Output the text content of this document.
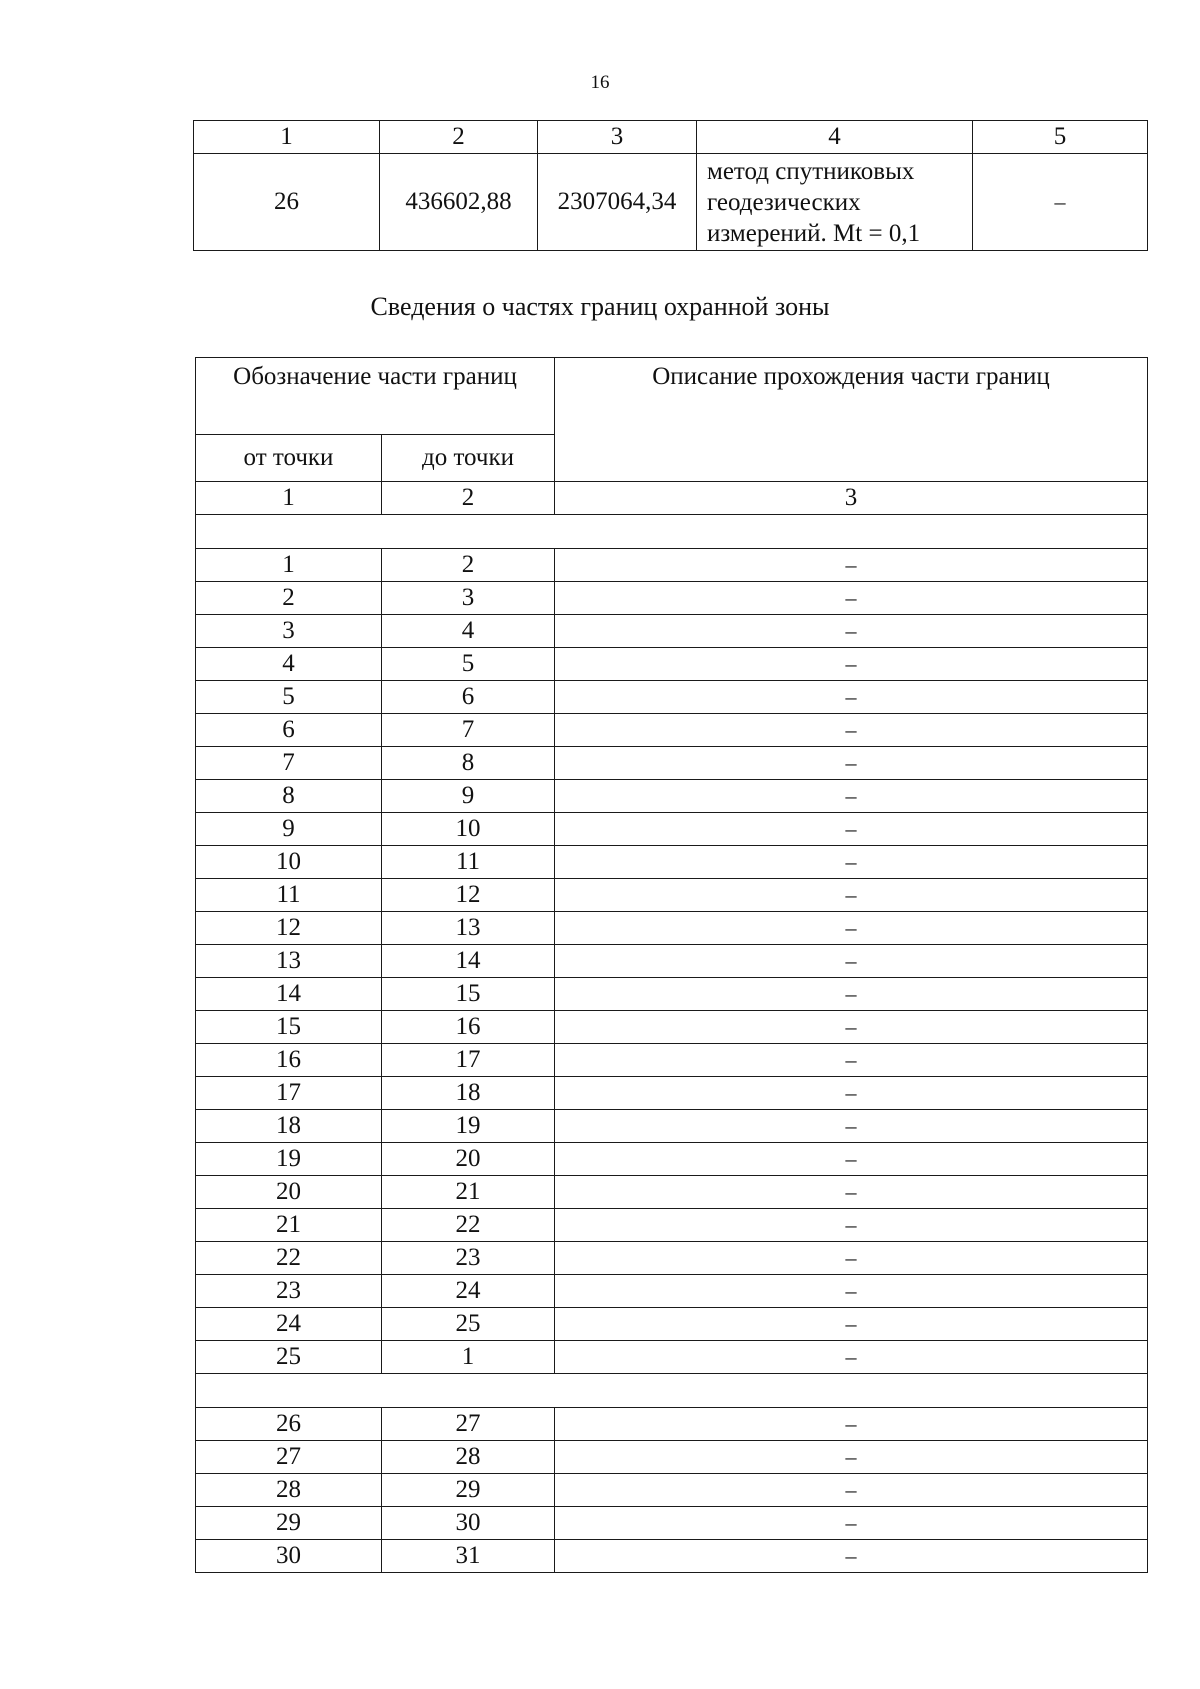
16
1	2	3	4	5
26	436602,88	2307064,34	метод спутниковых
геодезических
измерений. Mt = 0,1	–
Сведения о частях границ охранной зоны
Обозначение части границ		Описание прохождения части границ
от точки	до точки	
1	2	3

1	2	–
2	3	–
3	4	–
4	5	–
5	6	–
6	7	–
7	8	–
8	9	–
9	10	–
10	11	–
11	12	–
12	13	–
13	14	–
14	15	–
15	16	–
16	17	–
17	18	–
18	19	–
19	20	–
20	21	–
21	22	–
22	23	–
23	24	–
24	25	–
25	1	–

26	27	–
27	28	–
28	29	–
29	30	–
30	31	–
